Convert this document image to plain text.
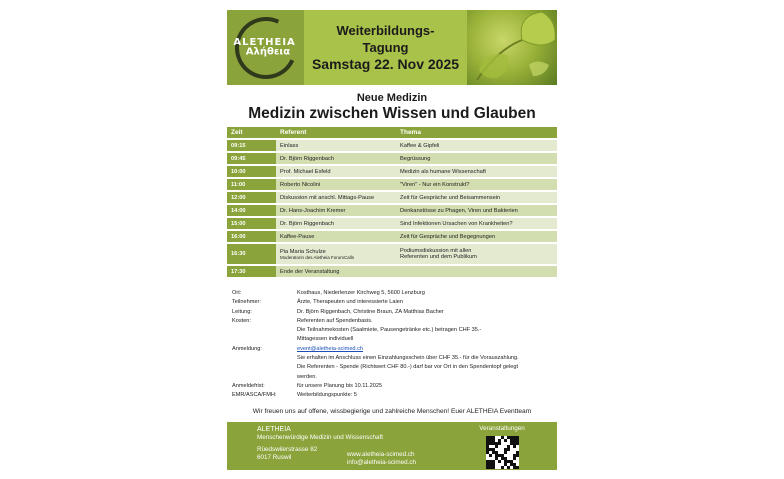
ALETHEIA
Αλήθεια
Weiterbildungs-
Tagung
Samstag 22. Nov 2025
Neue Medizin
Medizin zwischen Wissen und Glauben
Zeit	Referent	Thema
09:15	Einlass	Kaffee & Gipfeli
09:45	Dr. Björn Riggenbach	Begrüssung
10:00	Prof. Michael Esfeld	Medizin als humane Wissenschaft
11:00	Roberto Nicolini	"Viren" - Nur ein Konstrukt?
12:00	Diskussion mit anschl. Mittags-Pause	Zeit für Gespräche und Beisammensein
14:00	Dr. Hans-Joachim Kremer	Denkanstösse zu Phagen, Viren und Bakterien
15:00	Dr. Björn Riggenbach	Sind Infektionen Ursachen von Krankheiten?
16:00	Kaffee-Pause	Zeit für Gespräche und Begegnungen
16:30	Pia Maria Schulze
Moderatorin des Aletheia ForumCalls
Podiumsdiskussion mit allen
Referenten und dem Publikum
17:30	Ende der Veranstaltung
Ort:	Kosthaus, Niederlenzer Kirchweg 5, 5600 Lenzburg
Teilnehmer:	Ärzte, Therapeuten und interessierte Laien
Leitung:	Dr. Björn Riggenbach, Christine Braun, ZA Matthias Bacher
Kosten:	Referenten auf Spendenbasis.
Die Teilnahmekosten (Saalmiete, Pausengetränke etc.) betragen CHF 35.-
Mittagessen individuell
Anmeldung:	event@aletheia-scimed.ch
Sie erhalten im Anschluss einen Einzahlungsschein über CHF 35.- für die Vorauszahlung.
Die Referenten - Spende (Richtwert CHF 80.-) darf bar vor Ort in den Spendentopf gelegt
werden.
Anmeldefrist:	für unsere Planung bis 10.11.2025
EMR/ASCA/FMH:	Weiterbildungspunkte: 5
Wir freuen uns auf offene, wissbegierige und zahlreiche Menschen! Euer ALETHEIA Eventteam
ALETHEIA
Menschenwürdige Medizin und Wissenschaft
Rüedswilerstrasse 82
6017 Ruswil	www.aletheia-scimed.ch
info@aletheia-scimed.ch
Veranstaltungen
